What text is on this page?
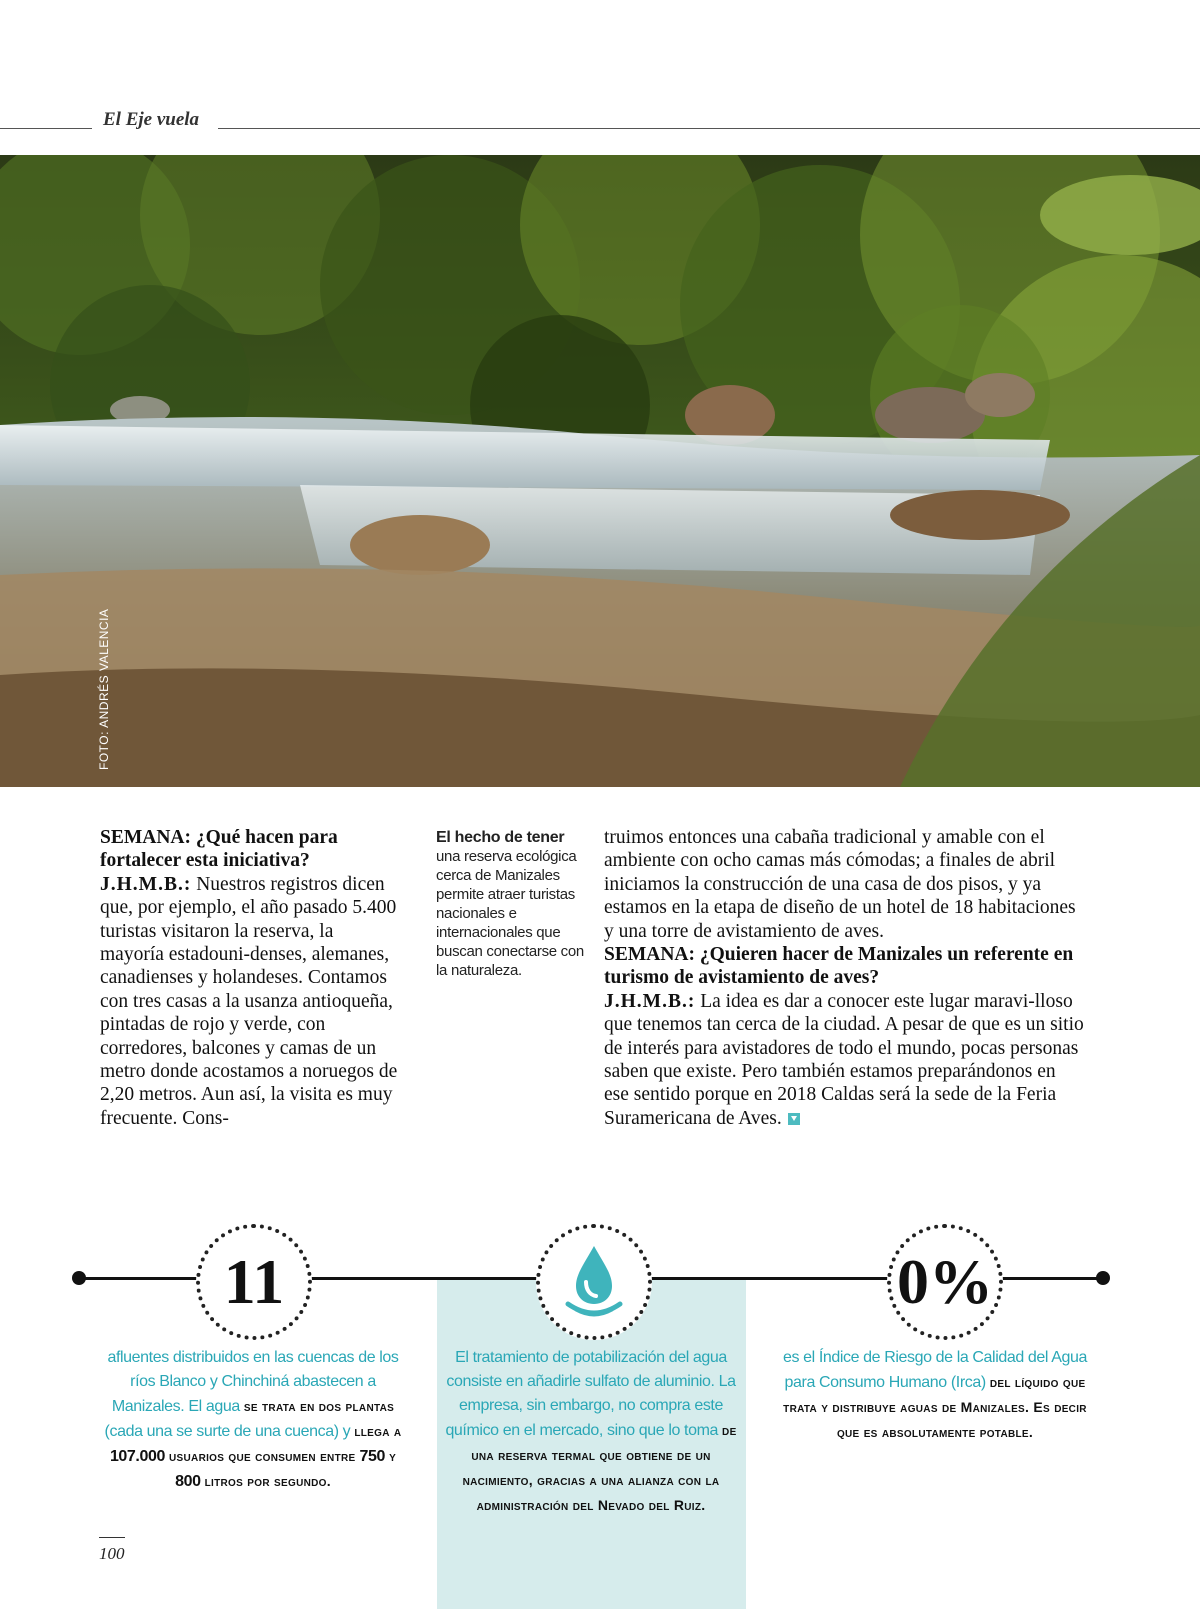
El Eje vuela
FOTO: ANDRÉS VALENCIA

SEMANA: ¿Qué hacen para fortalecer esta iniciativa?

J.H.M.B.: Nuestros registros dicen que, por ejemplo, el año pasado 5.400 turistas visitaron la reserva, la mayoría estadouni-denses, alemanes, canadienses y holandeses. Contamos con tres casas a la usanza antioqueña, pintadas de rojo y verde, con corredores, balcones y camas de un metro donde acostamos a noruegos de 2,20 metros. Aun así, la visita es muy frecuente. Cons-

El hecho de tener
una reserva ecológica cerca de Manizales permite atraer turistas nacionales e internacionales que buscan conectarse con la naturaleza.

truimos entonces una cabaña tradicional y amable con el ambiente con ocho camas más cómodas; a finales de abril iniciamos la construcción de una casa de dos pisos, y ya estamos en la etapa de diseño de un hotel de 18 habitaciones y una torre de avistamiento de aves.

SEMANA: ¿Quieren hacer de Manizales un referente en turismo de avistamiento de aves?

J.H.M.B.: La idea es dar a conocer este lugar maravi-lloso que tenemos tan cerca de la ciudad. A pesar de que es un sitio de interés para avistadores de todo el mundo, pocas personas saben que existe. Pero también estamos preparándonos en ese sentido porque en 2018 Caldas será la sede de la Feria Suramericana de Aves.

11	0%
afluentes distribuidos en las cuencas de los ríos Blanco y Chinchiná abastecen a Manizales. El agua se trata en dos plantas (cada una se surte de una cuenca) y llega a 107.000 usuarios que consumen entre 750 y 800 litros por segundo.
El tratamiento de potabilización del agua consiste en añadirle sulfato de aluminio. La empresa, sin embargo, no compra este químico en el mercado, sino que lo toma de una reserva termal que obtiene de un nacimiento, gracias a una alianza con la administración del Nevado del Ruiz.
es el Índice de Riesgo de la Calidad del Agua para Consumo Humano (Irca) del líquido que trata y distribuye aguas de Manizales. Es decir que es absolutamente potable.
100
